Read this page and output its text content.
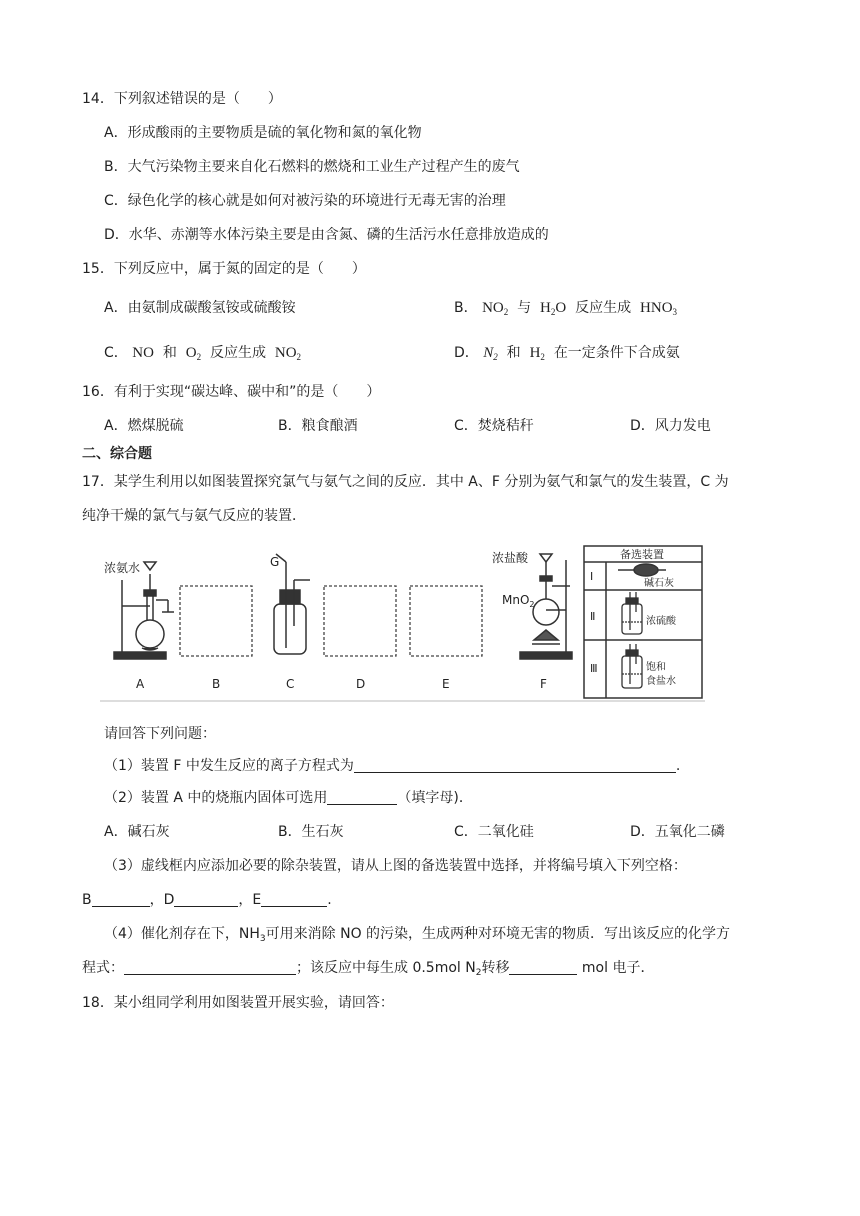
14．下列叙述错误的是（　　）
A．形成酸雨的主要物质是硫的氧化物和氮的氧化物
B．大气污染物主要来自化石燃料的燃烧和工业生产过程产生的废气
C．绿色化学的核心就是如何对被污染的环境进行无毒无害的治理
D．水华、赤潮等水体污染主要是由含氮、磷的生活污水任意排放造成的
15．下列反应中，属于氮的固定的是（　　）
A．由氨制成碳酸氢铵或硫酸铵	B． $NO_2$ 与 $H_2O$ 反应生成 $HNO_3$
C． NO 和 $O_2$ 反应生成 $NO_2$	D． $N_2$ 和 $H_2$ 在一定条件下合成氨
16．有利于实现“碳达峰、碳中和”的是（　　）
A．燃煤脱硫	B．粮食酿酒	C．焚烧秸秆	D．风力发电
二、综合题
17．某学生利用以如图装置探究氯气与氨气之间的反应．其中 A、F 分别为氨气和氯气的发生装置，C 为
纯净干燥的氯气与氨气反应的装置．
浓氨水	G	浓盐酸
MnO$_2$
A	B	C	D	E	F
备选装置
Ⅰ
Ⅱ
Ⅲ
碱石灰
浓硫酸
饱和
食盐水
请回答下列问题：
（1）装置 F 中发生反应的离子方程式为	.
（2）装置 A 中的烧瓶内固体可选用	（填字母)．
A．碱石灰	B．生石灰	C．二氧化硅	D．五氧化二磷
（3）虚线框内应添加必要的除杂装置，请从上图的备选装置中选择，并将编号填入下列空格：
B	，D	，E	.
（4）催化剂存在下，$NH_3$可用来消除 NO 的污染，生成两种对环境无害的物质．写出该反应的化学方
程式：	；该反应中每生成 0.5mol $N_2$转移	mol 电子．
18．某小组同学利用如图装置开展实验，请回答：
